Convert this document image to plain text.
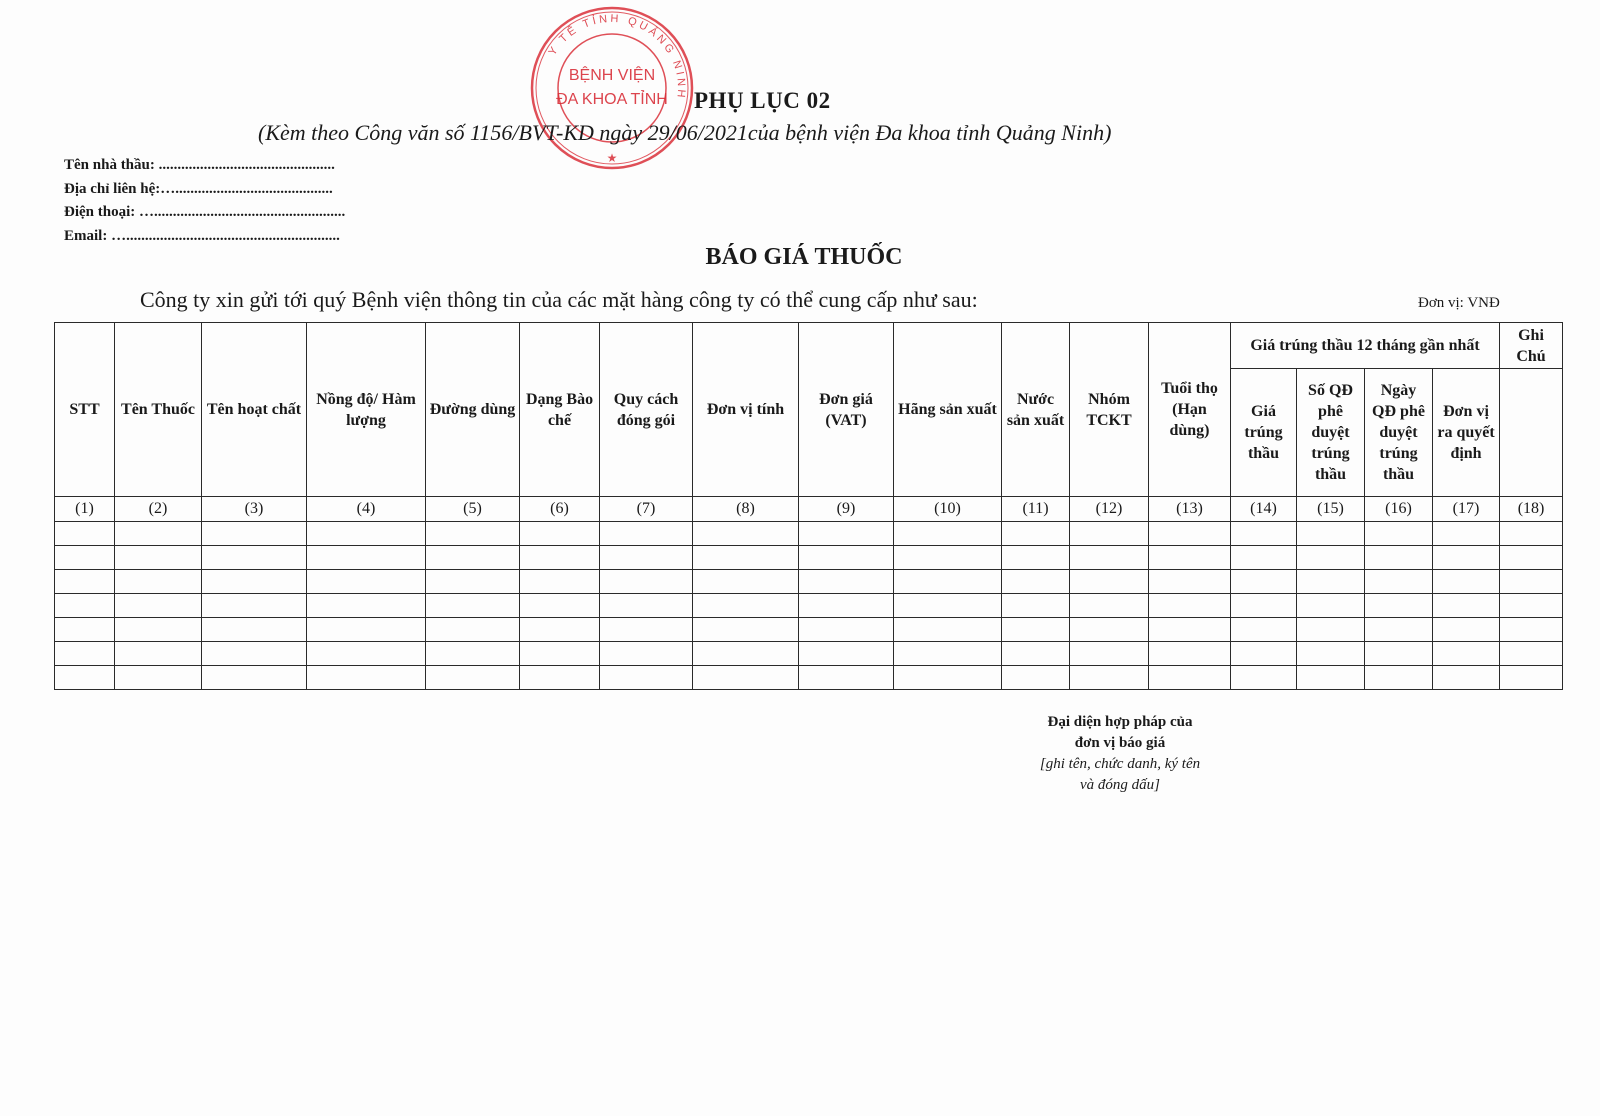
Y TẾ TỈNH QUẢNG NINH
BỆNH VIỆN
ĐA KHOA TỈNH
★
PHỤ LỤC 02
(Kèm theo Công văn số 1156/BVT-KD ngày 29/06/2021của bệnh viện Đa khoa tỉnh Quảng Ninh)
Tên nhà thầu: ...............................................
Địa chỉ liên hệ:…..........................................
Điện thoại: …...................................................
Email: ….........................................................
BÁO GIÁ THUỐC
Công ty xin gửi tới quý Bệnh viện thông tin của các mặt hàng công ty có thể cung cấp như sau:	Đơn vị: VNĐ
STT	Tên Thuốc	Tên hoạt chất	Nồng độ/ Hàm lượng	Đường dùng	Dạng Bào chế	Quy cách đóng gói	Đơn vị tính	Đơn giá (VAT)	Hãng sản xuất	Nước sản xuất	Nhóm TCKT	Tuổi thọ (Hạn dùng)	Giá trúng thầu 12 tháng gần nhất				Ghi Chú
													Giá trúng thầu	Số QĐ phê duyệt trúng thầu	Ngày QĐ phê duyệt trúng thầu	Đơn vị ra quyết định	
(1)	(2)	(3)	(4)	(5)	(6)	(7)	(8)	(9)	(10)	(11)	(12)	(13)	(14)	(15)	(16)	(17)	(18)

Đại diện hợp pháp của
đơn vị báo giá
[ghi tên, chức danh, ký tên
và đóng dấu]
